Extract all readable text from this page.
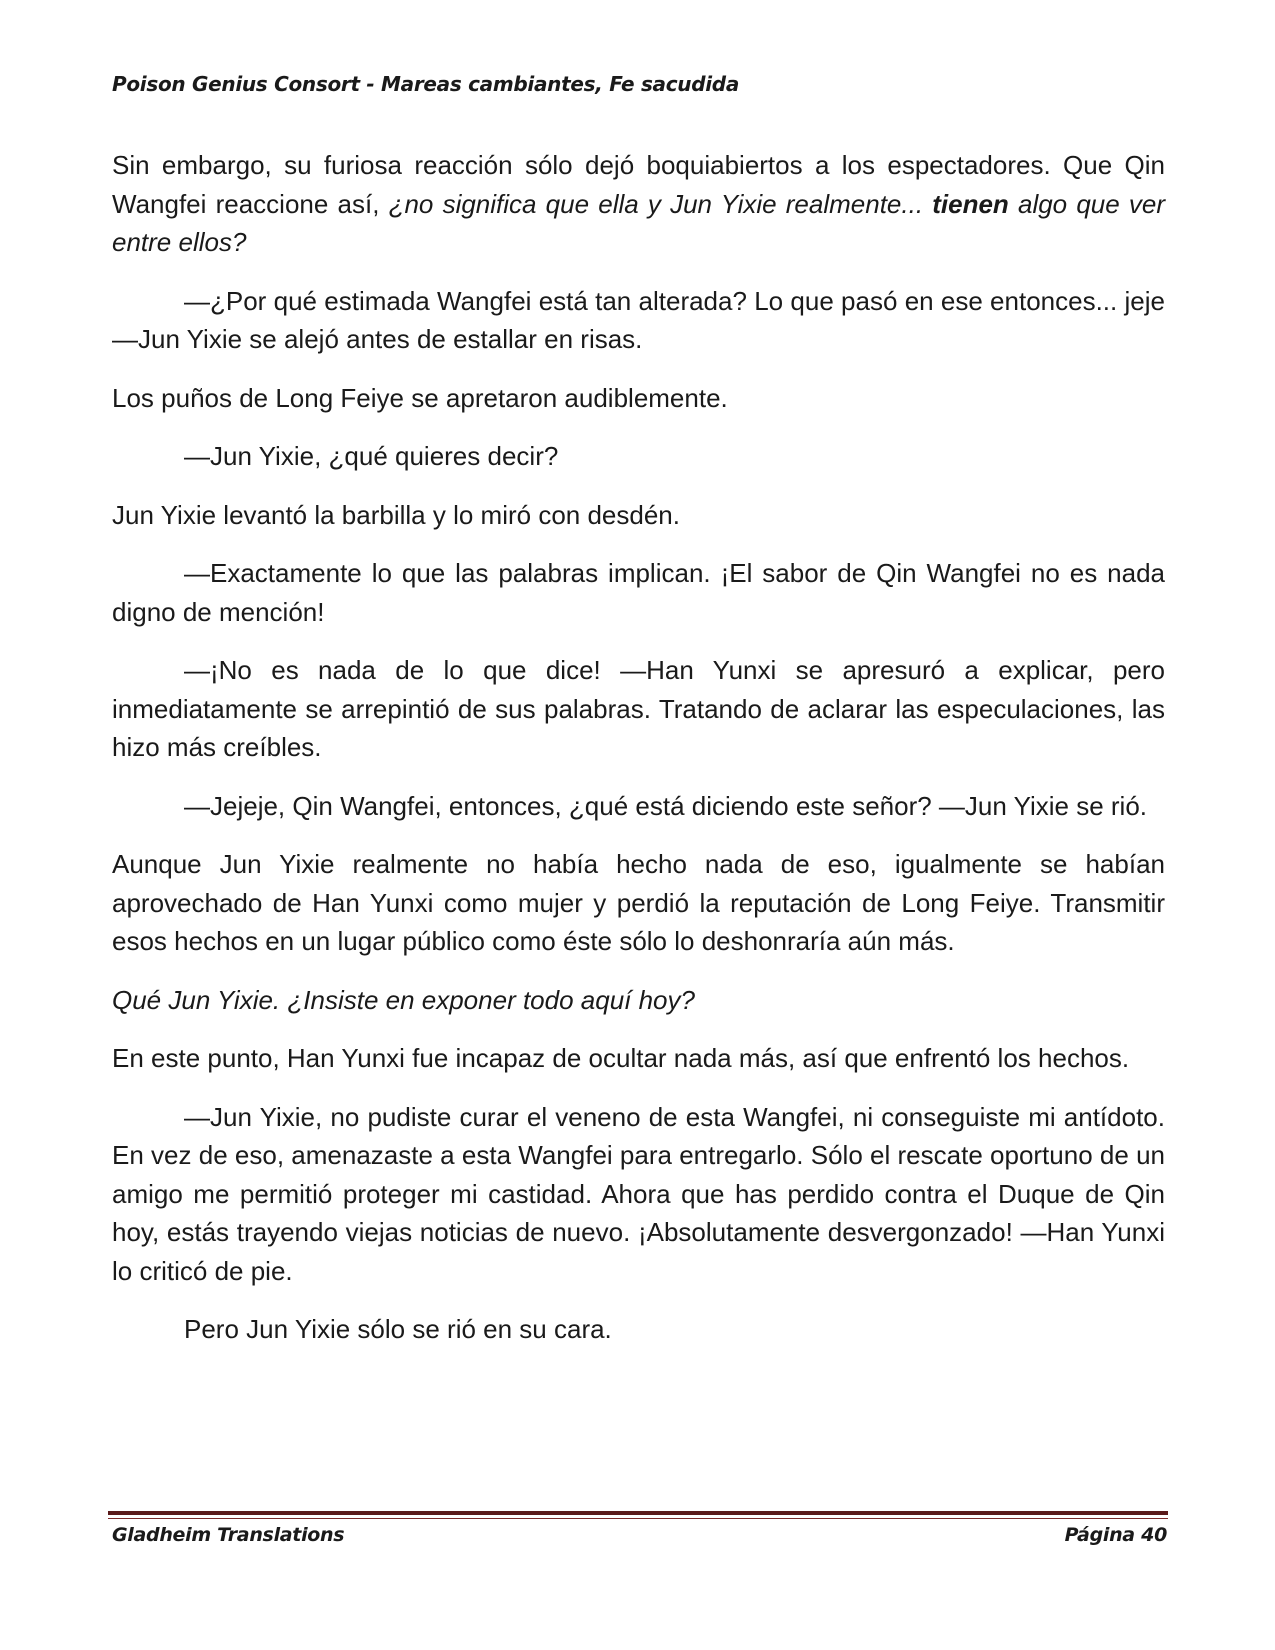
Poison Genius Consort - Mareas cambiantes, Fe sacudida

Sin embargo, su furiosa reacción sólo dejó boquiabiertos a los espectadores. Que Qin Wangfei reaccione así, ¿no significa que ella y Jun Yixie realmente... tienen algo que ver entre ellos?

—¿Por qué estimada Wangfei está tan alterada? Lo que pasó en ese entonces... jeje —Jun Yixie se alejó antes de estallar en risas.

Los puños de Long Feiye se apretaron audiblemente.

—Jun Yixie, ¿qué quieres decir?

Jun Yixie levantó la barbilla y lo miró con desdén.

—Exactamente lo que las palabras implican. ¡El sabor de Qin Wangfei no es nada digno de mención!

—¡No es nada de lo que dice! —Han Yunxi se apresuró a explicar, pero inmediatamente se arrepintió de sus palabras. Tratando de aclarar las especulaciones, las hizo más creíbles.

—Jejeje, Qin Wangfei, entonces, ¿qué está diciendo este señor? —Jun Yixie se rió.

Aunque Jun Yixie realmente no había hecho nada de eso, igualmente se habían aprovechado de Han Yunxi como mujer y perdió la reputación de Long Feiye. Transmitir esos hechos en un lugar público como éste sólo lo deshonraría aún más.

Qué Jun Yixie. ¿Insiste en exponer todo aquí hoy?

En este punto, Han Yunxi fue incapaz de ocultar nada más, así que enfrentó los hechos.

—Jun Yixie, no pudiste curar el veneno de esta Wangfei, ni conseguiste mi antídoto. En vez de eso, amenazaste a esta Wangfei para entregarlo. Sólo el rescate oportuno de un amigo me permitió proteger mi castidad. Ahora que has perdido contra el Duque de Qin hoy, estás trayendo viejas noticias de nuevo. ¡Absolutamente desvergonzado! —Han Yunxi lo criticó de pie.

Pero Jun Yixie sólo se rió en su cara.

Gladheim Translations	Página 40
